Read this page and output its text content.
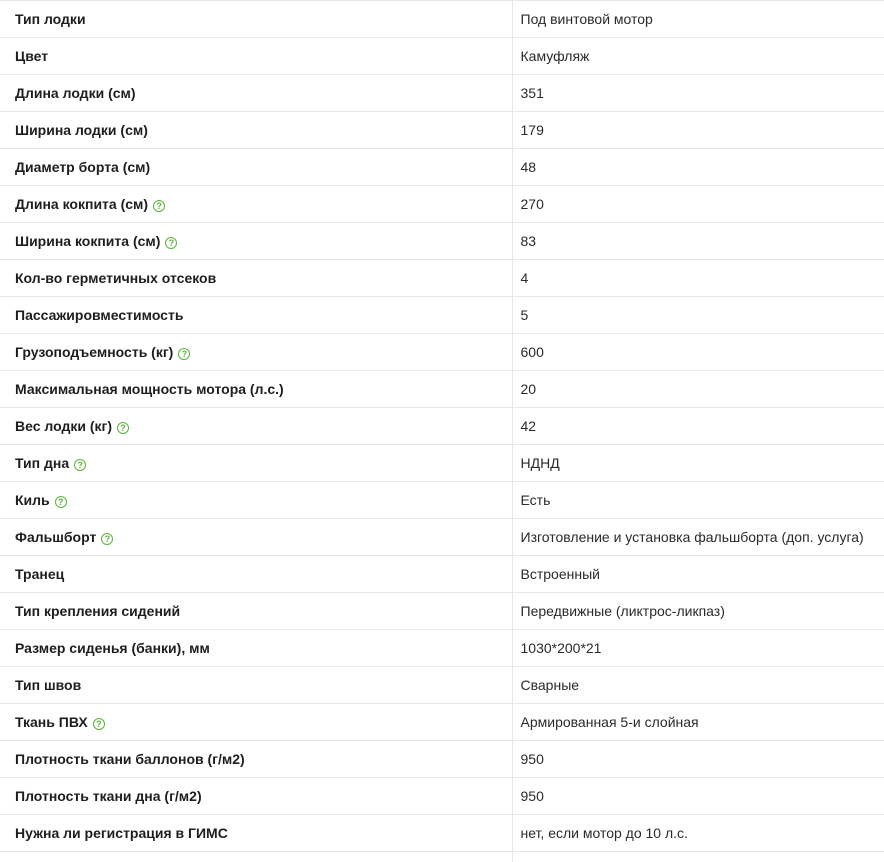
Тип лодки	Под винтовой мотор
Цвет	Камуфляж
Длина лодки (см)	351
Ширина лодки (см)	179
Диаметр борта (см)	48
Длина кокпита (см)?	270
Ширина кокпита (см)?	83
Кол-во герметичных отсеков	4
Пассажировместимость	5
Грузоподъемность (кг)?	600
Максимальная мощность мотора (л.с.)	20
Вес лодки (кг)?	42
Тип дна?	НДНД
Киль?	Есть
Фальшборт?	Изготовление и установка фальшборта (доп. услуга)
Транец	Встроенный
Тип крепления сидений	Передвижные (ликтрос-ликпаз)
Размер сиденья (банки), мм	1030*200*21
Тип швов	Сварные
Ткань ПВХ?	Армированная 5-и слойная
Плотность ткани баллонов (г/м2)	950
Плотность ткани дна (г/м2)	950
Нужна ли регистрация в ГИМС	нет, если мотор до 10 л.с.
